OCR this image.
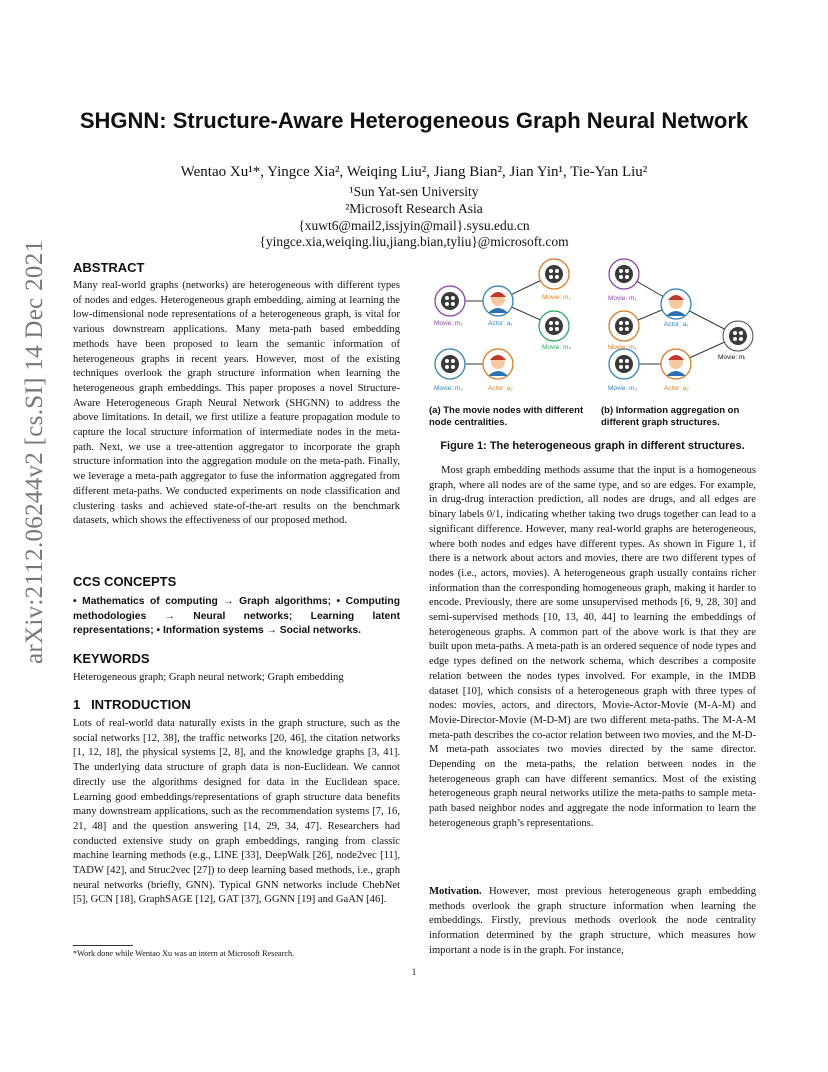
arXiv:2112.06244v2 [cs.SI] 14 Dec 2021
SHGNN: Structure-Aware Heterogeneous Graph Neural Network
Wentao Xu¹*, Yingce Xia², Weiqing Liu², Jiang Bian², Jian Yin¹, Tie-Yan Liu²
¹Sun Yat-sen University
²Microsoft Research Asia
{xuwt6@mail2,issjyin@mail}.sysu.edu.cn
{yingce.xia,weiqing.liu,jiang.bian,tyliu}@microsoft.com
ABSTRACT
Many real-world graphs (networks) are heterogeneous with different types of nodes and edges. Heterogeneous graph embedding, aiming at learning the low-dimensional node representations of a heterogeneous graph, is vital for various downstream applications. Many meta-path based embedding methods have been proposed to learn the semantic information of heterogeneous graphs in recent years. However, most of the existing techniques overlook the graph structure information when learning the heterogeneous graph embeddings. This paper proposes a novel Structure-Aware Heterogeneous Graph Neural Network (SHGNN) to address the above limitations. In detail, we first utilize a feature propagation module to capture the local structure information of intermediate nodes in the meta-path. Next, we use a tree-attention aggregator to incorporate the graph structure information into the aggregation module on the meta-path. Finally, we leverage a meta-path aggregator to fuse the information aggregated from different meta-paths. We conducted experiments on node classification and clustering tasks and achieved state-of-the-art results on the benchmark datasets, which shows the effectiveness of our proposed method.
CCS CONCEPTS
• Mathematics of computing → Graph algorithms; • Computing methodologies → Neural networks; Learning latent representations; • Information systems → Social networks.
KEYWORDS
Heterogeneous graph; Graph neural network; Graph embedding
1   INTRODUCTION
Lots of real-world data naturally exists in the graph structure, such as the social networks [12, 38], the traffic networks [20, 46], the citation networks [1, 12, 18], the physical systems [2, 8], and the knowledge graphs [3, 41]. The underlying data structure of graph data is non-Euclidean. We cannot directly use the algorithms designed for data in the Euclidean space. Learning good embeddings/representations of graph structure data benefits many downstream applications, such as the recommendation systems [7, 16, 21, 48] and the question answering [14, 29, 34, 47]. Researchers had conducted extensive study on graph embeddings, ranging from classic machine learning methods (e.g., LINE [33], DeepWalk [26], node2vec [11], TADW [42], and Struc2vec [27]) to deep learning based methods, i.e., graph neural networks (briefly, GNN). Typical GNN networks include ChebNet [5], GCN [18], GraphSAGE [12], GAT [37], GGNN [19] and GaAN [46].
*Work done while Wentao Xu was an intern at Microsoft Research.
1
Movie: m₁	Actor: a₁
Movie: m₂
Movie: m₄
Movie: m₃	Actor: a₂
Movie: m₁
Actor: a₁
Movie: m₂
Movie: mᵢ
Movie: m₃	Actor: a₂
(a) The movie nodes with different node centralities.
(b) Information aggregation on different graph structures.
Figure 1: The heterogeneous graph in different structures.
Most graph embedding methods assume that the input is a homogeneous graph, where all nodes are of the same type, and so are edges. For example, in drug-drug interaction prediction, all nodes are drugs, and all edges are binary labels 0/1, indicating whether taking two drugs together can lead to a significant difference. However, many real-world graphs are heterogeneous, where both nodes and edges have different types. As shown in Figure 1, if there is a network about actors and movies, there are two different types of nodes (i.e., actors, movies). A heterogeneous graph usually contains richer information than the corresponding homogeneous graph, making it harder to encode. Previously, there are some unsupervised methods [6, 9, 28, 30] and semi-supervised methods [10, 13, 40, 44] to learning the embeddings of heterogeneous graphs. A common part of the above work is that they are built upon meta-paths. A meta-path is an ordered sequence of node types and edge types defined on the network schema, which describes a composite relation between the nodes types involved. For example, in the IMDB dataset [10], which consists of a heterogeneous graph with three types of nodes: movies, actors, and directors, Movie-Actor-Movie (M-A-M) and Movie-Director-Movie (M-D-M) are two different meta-paths. The M-A-M meta-path describes the co-actor relation between two movies, and the M-D-M meta-path associates two movies directed by the same director. Depending on the meta-paths, the relation between nodes in the heterogeneous graph can have different semantics. Most of the existing heterogeneous graph neural networks utilize the meta-paths to sample meta-path based neighbor nodes and aggregate the node information to learn the heterogeneous graph’s representations.
Motivation. However, most previous heterogeneous graph embedding methods overlook the graph structure information when learning the embeddings. Firstly, previous methods overlook the node centrality information determined by the graph structure, which measures how important a node is in the graph. For instance,
